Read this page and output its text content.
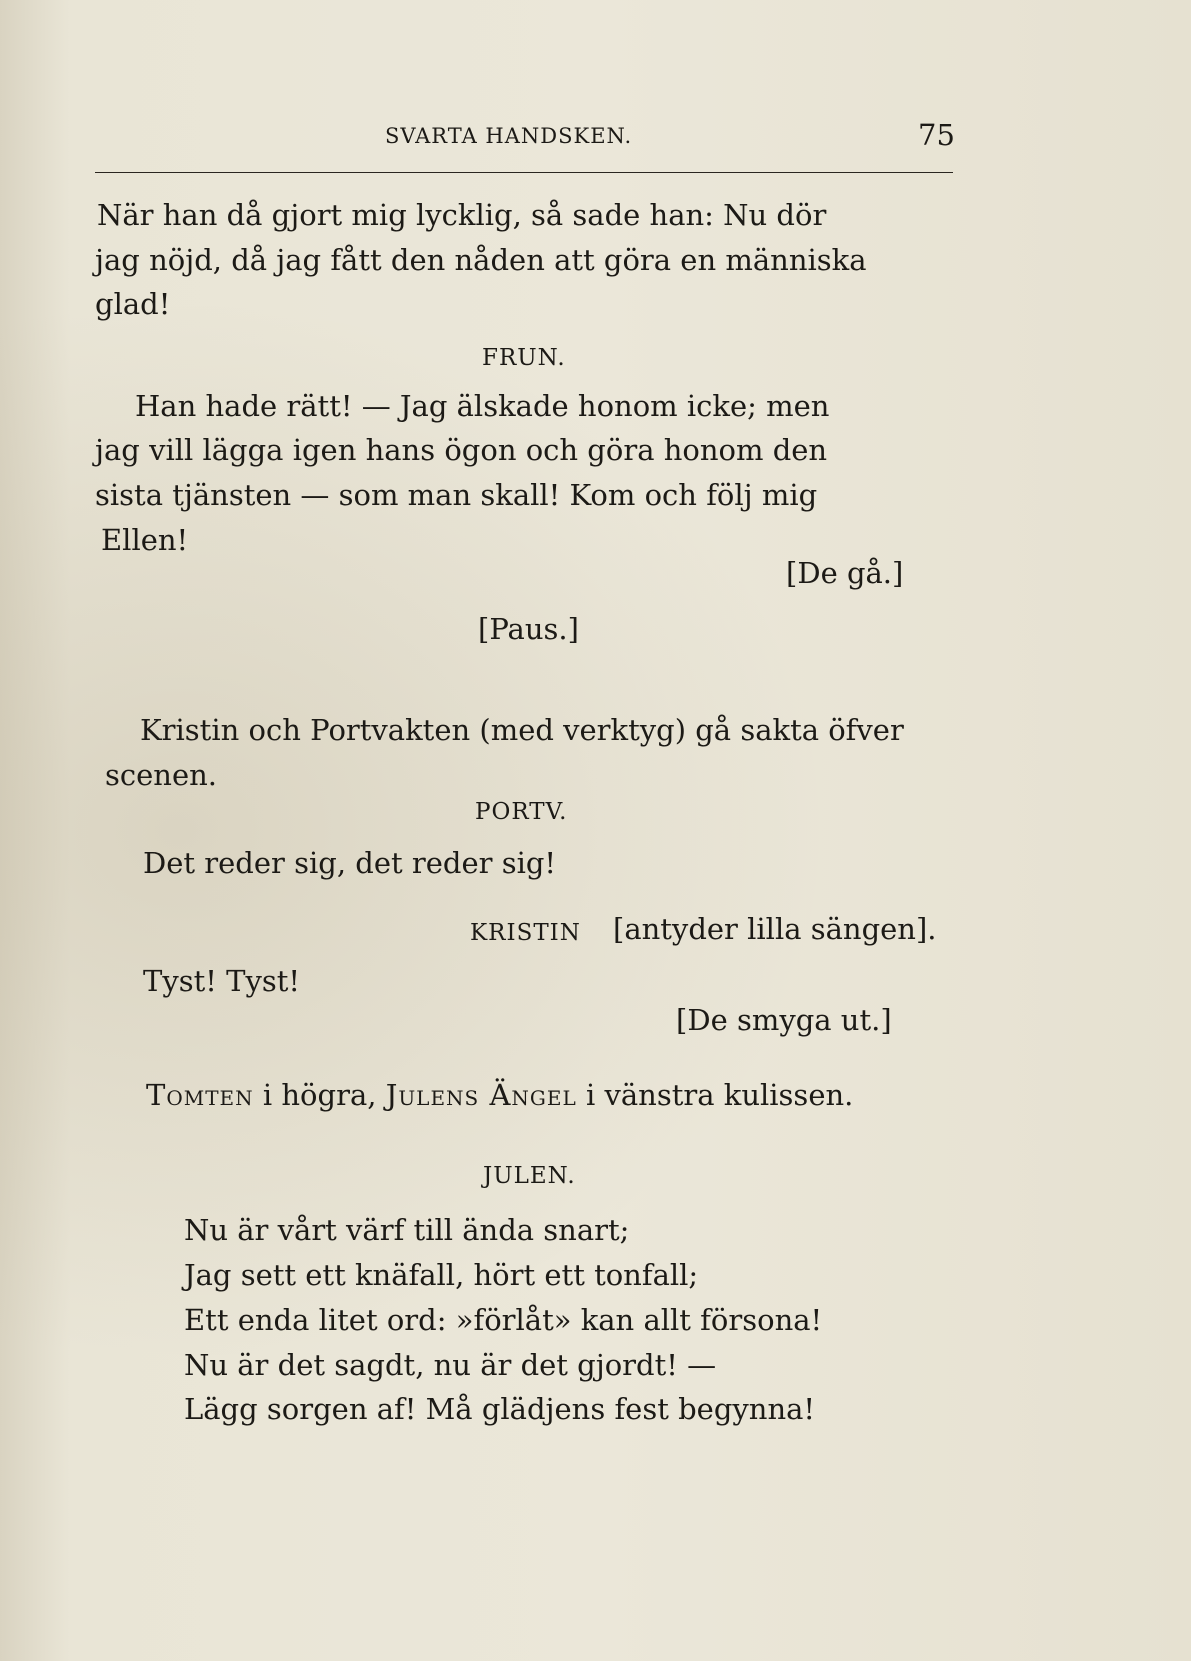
SVARTA HANDSKEN.	75
När han då gjort mig lycklig, så sade han: Nu dör
jag nöjd, då jag fått den nåden att göra en människa
glad!
FRUN.
Han hade rätt! — Jag älskade honom icke; men
jag vill lägga igen hans ögon och göra honom den
sista tjänsten — som man skall! Kom och följ mig
Ellen!
[De gå.]
[Paus.]
Kristin och Portvakten (med verktyg) gå sakta öfver
scenen.
PORTV.
Det reder sig, det reder sig!
KRISTIN [antyder lilla sängen].
Tyst! Tyst!
[De smyga ut.]
Tomten i högra, Julens Ängel i vänstra kulissen.
JULEN.
Nu är vårt värf till ända snart;
Jag sett ett knäfall, hört ett tonfall;
Ett enda litet ord: »förlåt» kan allt försona!
Nu är det sagdt, nu är det gjordt! —
Lägg sorgen af! Må glädjens fest begynna!
